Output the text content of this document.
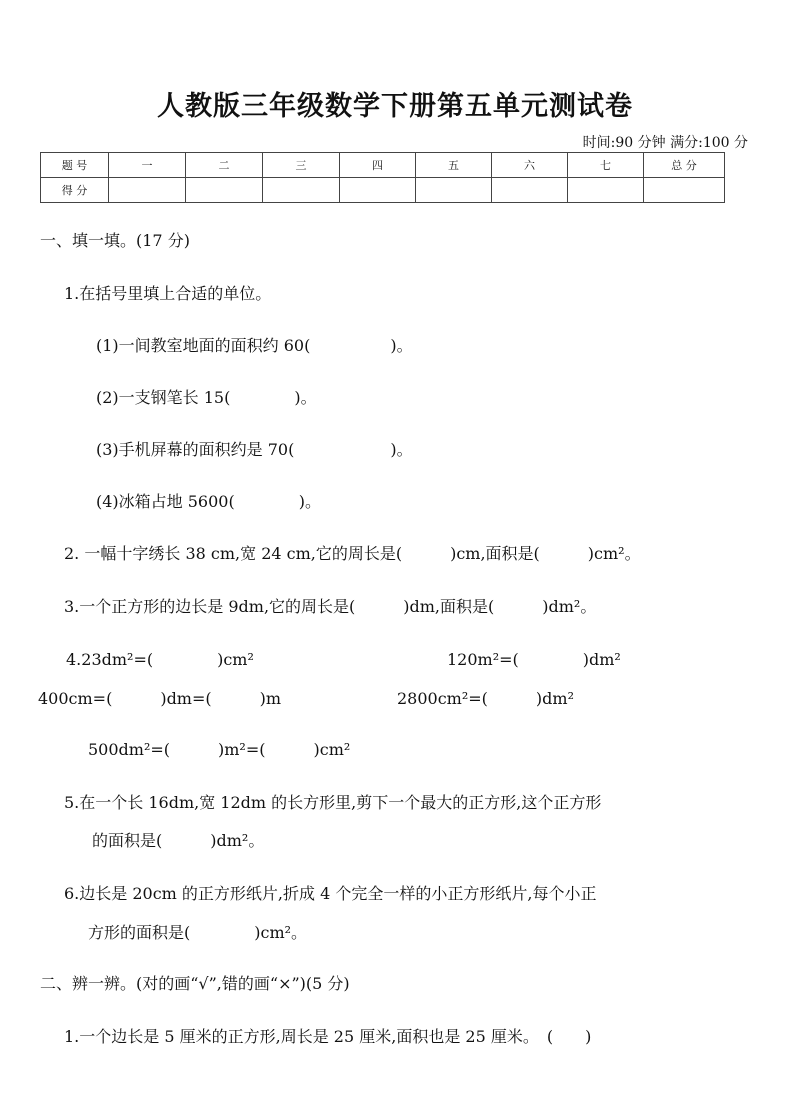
人教版三年级数学下册第五单元测试卷
时间:90 分钟 满分:100 分
题 号	一	二	三	四	五	六	七	总 分
得 分								
一、填一填。(17 分)
1.在括号里填上合适的单位。
(1)一间教室地面的面积约 60(　　　　　)。
(2)一支钢笔长 15(　　　　)。
(3)手机屏幕的面积约是 70(　　　　　　)。
(4)冰箱占地 5600(　　　　)。
2. 一幅十字绣长 38 cm,宽 24 cm,它的周长是(　　　)cm,面积是(　　　)cm²。
3.一个正方形的边长是 9dm,它的周长是(　　　)dm,面积是(　　　)dm²。
4.23dm²=(　　　　)cm²	120m²=(　　　　)dm²
400cm=(　　　)dm=(　　　)m	2800cm²=(　　　)dm²
500dm²=(　　　)m²=(　　　)cm²
5.在一个长 16dm,宽 12dm 的长方形里,剪下一个最大的正方形,这个正方形
的面积是(　　　)dm²。
6.边长是 20cm 的正方形纸片,折成 4 个完全一样的小正方形纸片,每个小正
方形的面积是(　　　　)cm²。
二、辨一辨。(对的画“√”,错的画“×”)(5 分)
1.一个边长是 5 厘米的正方形,周长是 25 厘米,面积也是 25 厘米。　(　　)
